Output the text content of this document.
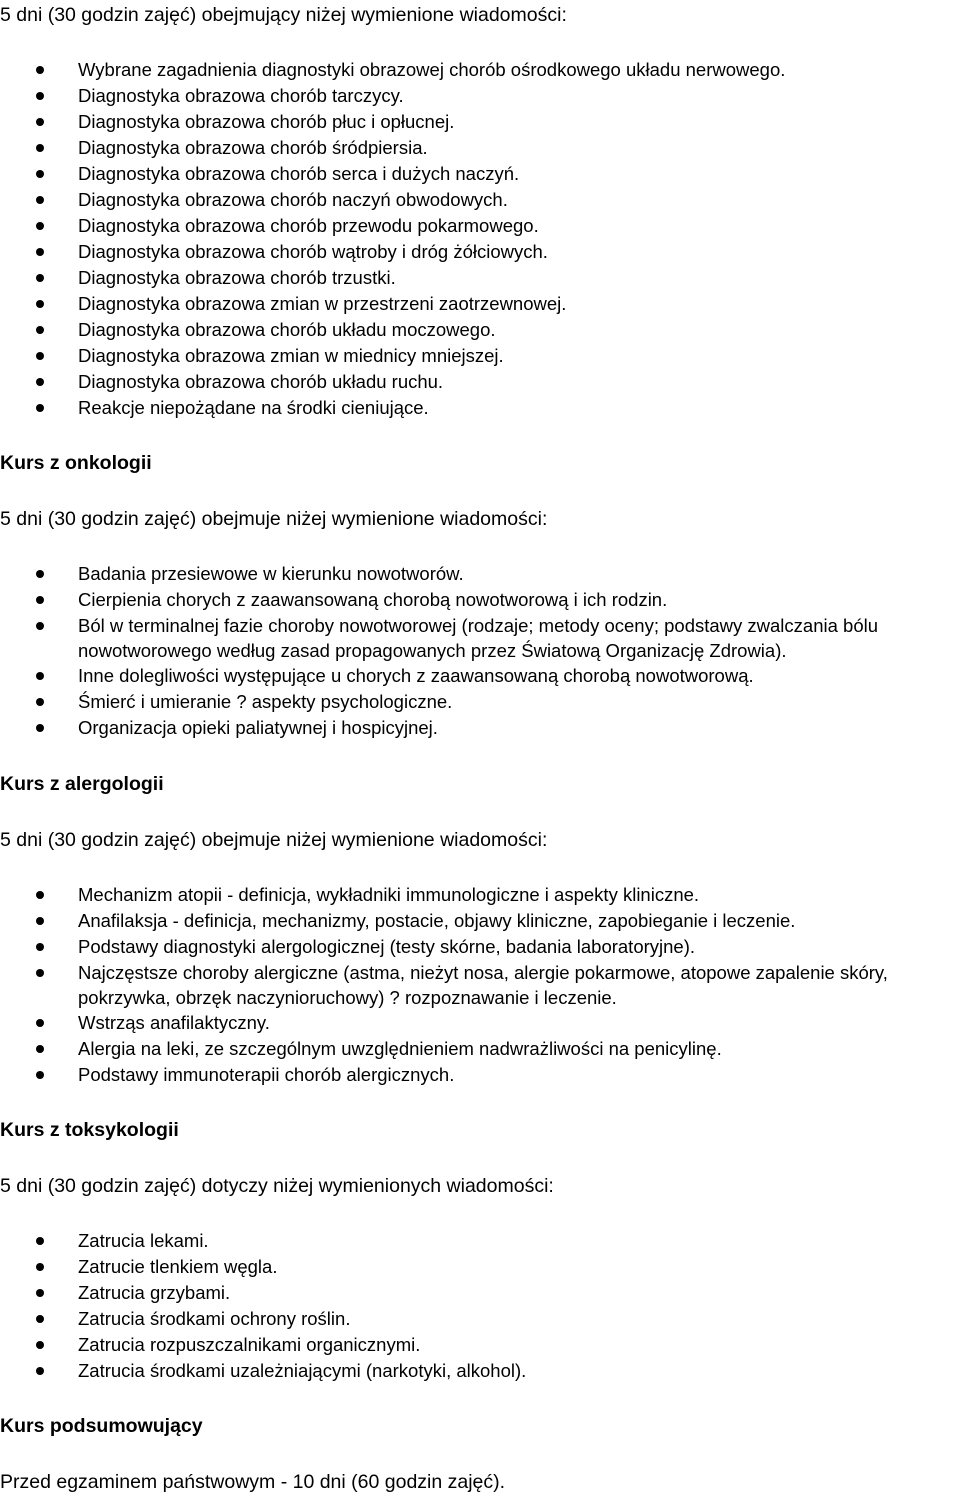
5 dni (30 godzin zajęć) obejmujący niżej wymienione wiadomości:

Wybrane zagadnienia diagnostyki obrazowej chorób ośrodkowego układu nerwowego.
Diagnostyka obrazowa chorób tarczycy.
Diagnostyka obrazowa chorób płuc i opłucnej.
Diagnostyka obrazowa chorób śródpiersia.
Diagnostyka obrazowa chorób serca i dużych naczyń.
Diagnostyka obrazowa chorób naczyń obwodowych.
Diagnostyka obrazowa chorób przewodu pokarmowego.
Diagnostyka obrazowa chorób wątroby i dróg żółciowych.
Diagnostyka obrazowa chorób trzustki.
Diagnostyka obrazowa zmian w przestrzeni zaotrzewnowej.
Diagnostyka obrazowa chorób układu moczowego.
Diagnostyka obrazowa zmian w miednicy mniejszej.
Diagnostyka obrazowa chorób układu ruchu.
Reakcje niepożądane na środki cieniujące.

Kurs z onkologii

5 dni (30 godzin zajęć) obejmuje niżej wymienione wiadomości:

Badania przesiewowe w kierunku nowotworów.
Cierpienia chorych z zaawansowaną chorobą nowotworową i ich rodzin.
Ból w terminalnej fazie choroby nowotworowej (rodzaje; metody oceny; podstawy zwalczania bólu nowotworowego według zasad propagowanych przez Światową Organizację Zdrowia).
Inne dolegliwości występujące u chorych z zaawansowaną chorobą nowotworową.
Śmierć i umieranie ? aspekty psychologiczne.
Organizacja opieki paliatywnej i hospicyjnej.

Kurs z alergologii

5 dni (30 godzin zajęć) obejmuje niżej wymienione wiadomości:

Mechanizm atopii - definicja, wykładniki immunologiczne i aspekty kliniczne.
Anafilaksja - definicja, mechanizmy, postacie, objawy kliniczne, zapobieganie i leczenie.
Podstawy diagnostyki alergologicznej (testy skórne, badania laboratoryjne).
Najczęstsze choroby alergiczne (astma, nieżyt nosa, alergie pokarmowe, atopowe zapalenie skóry, pokrzywka, obrzęk naczynioruchowy) ? rozpoznawanie i leczenie.
Wstrząs anafilaktyczny.
Alergia na leki, ze szczególnym uwzględnieniem nadwrażliwości na penicylinę.
Podstawy immunoterapii chorób alergicznych.

Kurs z toksykologii

5 dni (30 godzin zajęć) dotyczy niżej wymienionych wiadomości:

Zatrucia lekami.
Zatrucie tlenkiem węgla.
Zatrucia grzybami.
Zatrucia środkami ochrony roślin.
Zatrucia rozpuszczalnikami organicznymi.
Zatrucia środkami uzależniającymi (narkotyki, alkohol).

Kurs podsumowujący

Przed egzaminem państwowym - 10 dni (60 godzin zajęć).
